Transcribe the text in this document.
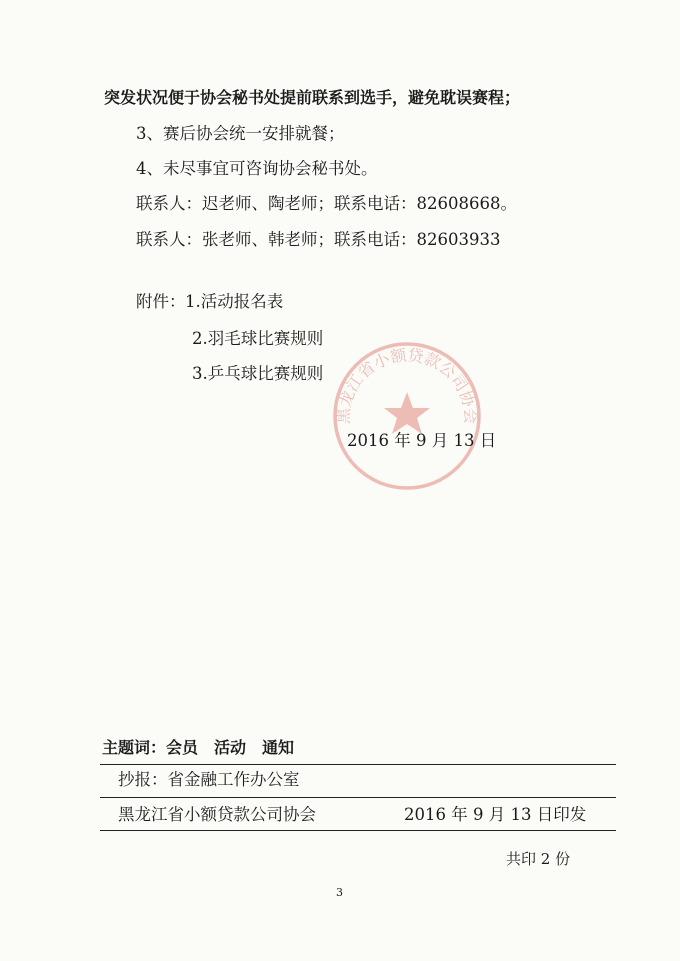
突发状况便于协会秘书处提前联系到选手，避免耽误赛程；
3、赛后协会统一安排就餐；
4、未尽事宜可咨询协会秘书处。
联系人：迟老师、陶老师；联系电话：82608668。
联系人：张老师、韩老师；联系电话：82603933
附件： 1.活动报名表
2.羽毛球比赛规则
3.乒乓球比赛规则
黑龙江省小额贷款公司协会
2016 年 9 月 13 日
主题词：会员　活动　通知
抄报：省金融工作办公室
黑龙江省小额贷款公司协会	2016 年 9 月 13 日印发
共印 2 份
3
